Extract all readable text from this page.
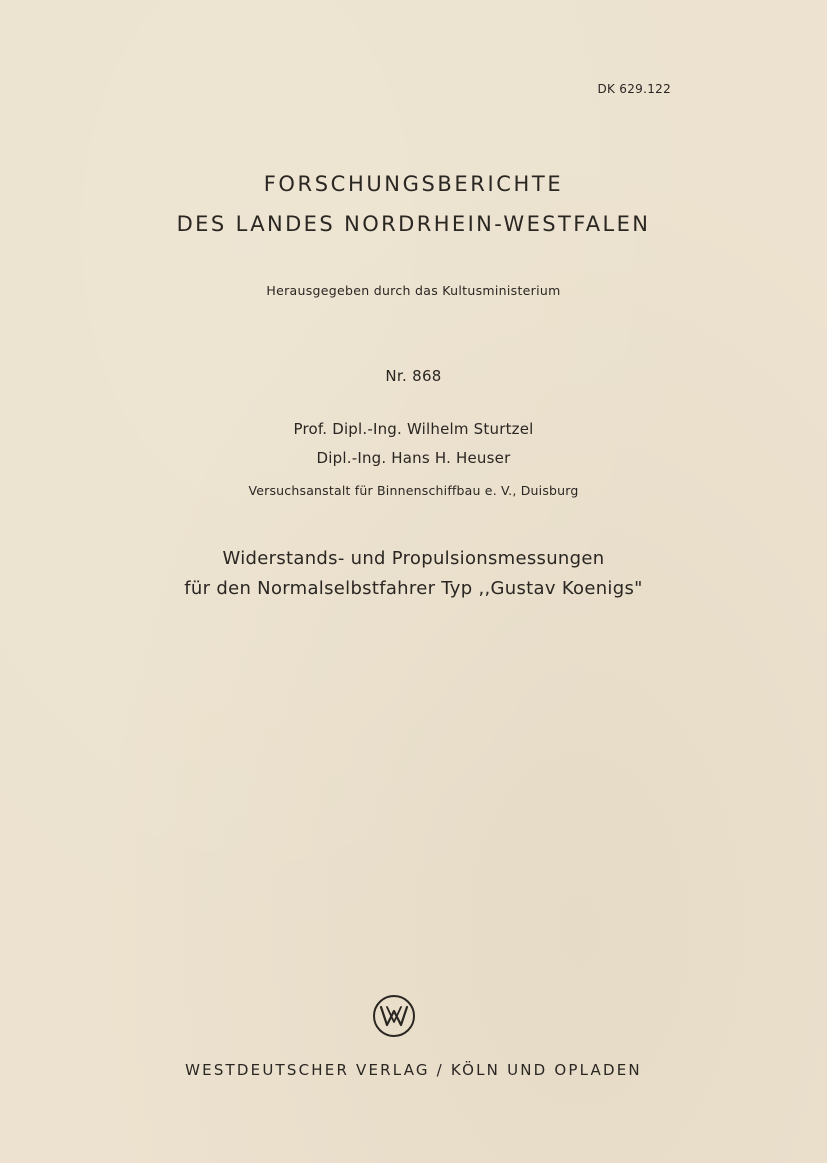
DK 629.122
FORSCHUNGSBERICHTE
DES LANDES NORDRHEIN-WESTFALEN
Herausgegeben durch das Kultusministerium
Nr. 868
Prof. Dipl.-Ing. Wilhelm Sturtzel
Dipl.-Ing. Hans H. Heuser
Versuchsanstalt für Binnenschiffbau e. V., Duisburg
Widerstands- und Propulsionsmessungen
für den Normalselbstfahrer Typ ,,Gustav Koenigs"
WESTDEUTSCHER VERLAG / KÖLN UND OPLADEN
